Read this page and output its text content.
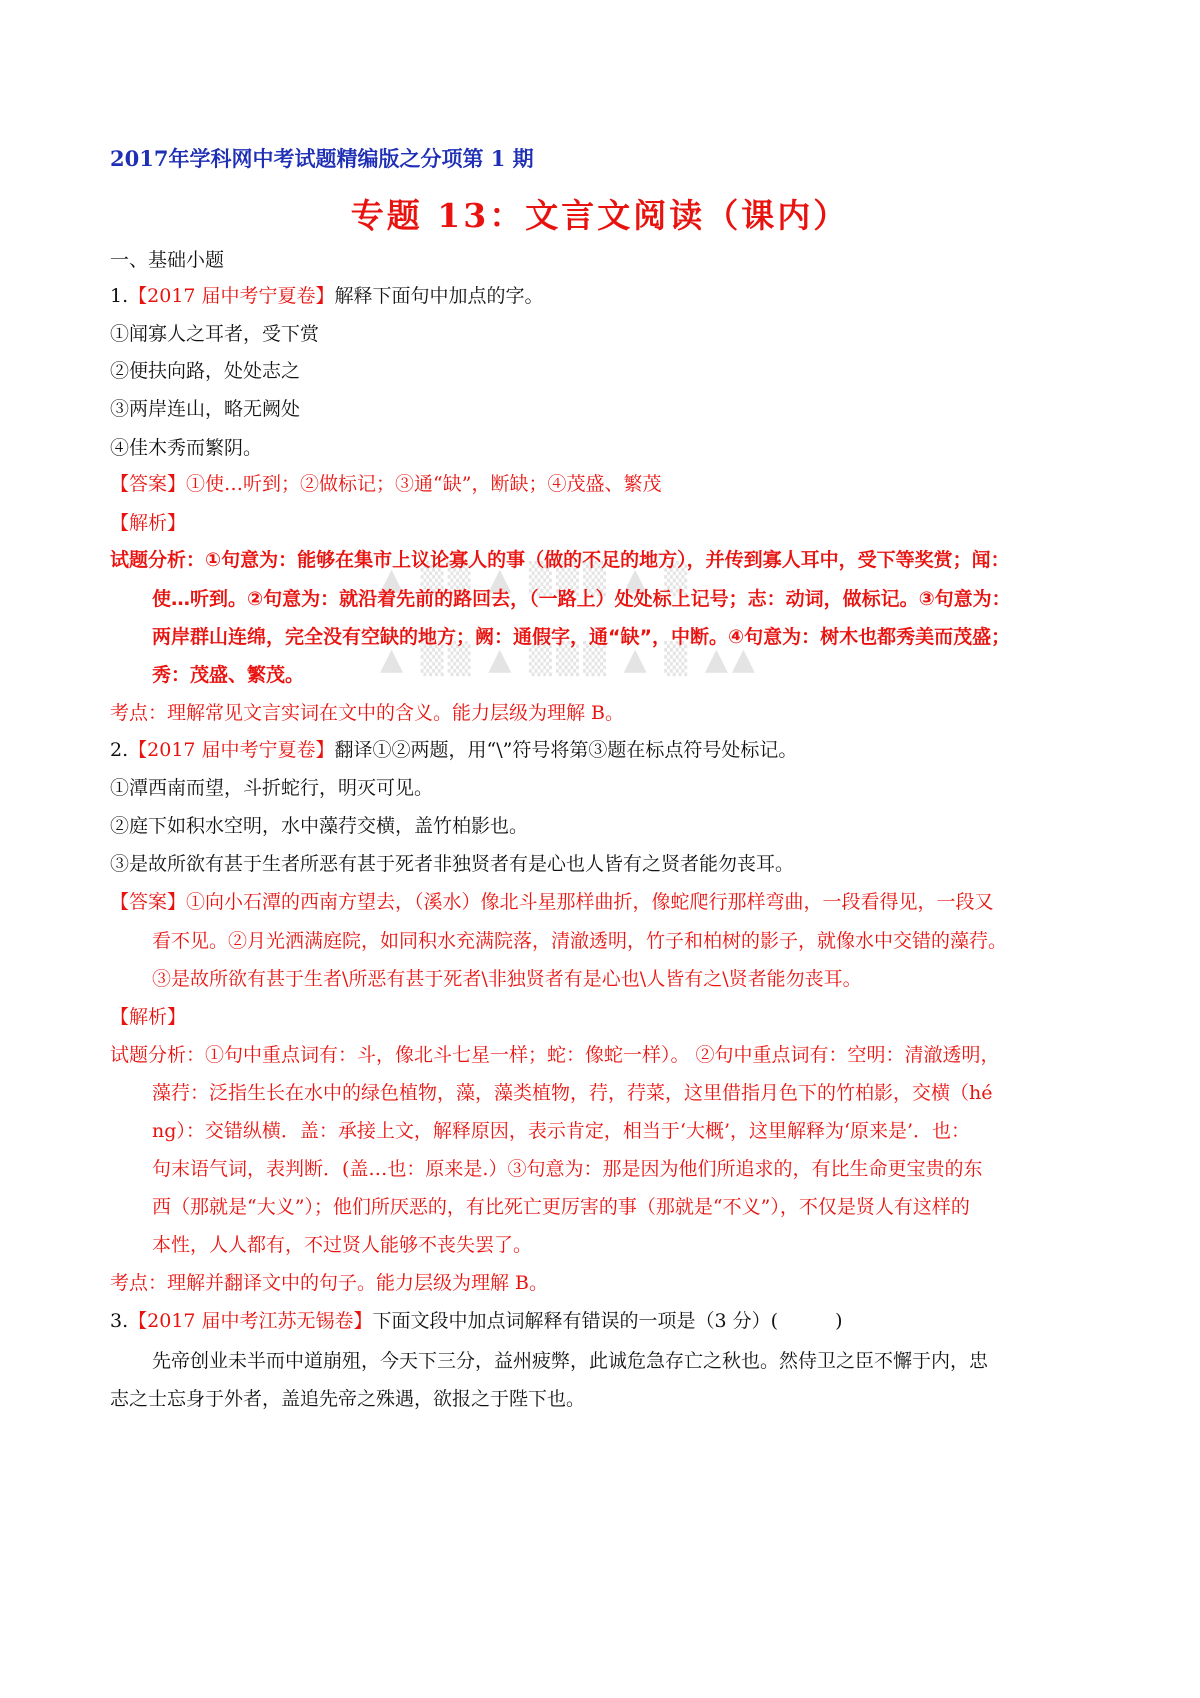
2017年学科网中考试题精编版之分项第 1 期
专题 13：文言文阅读（课内）
一、基础小题
1.【2017 届中考宁夏卷】解释下面句中加点的字。
①闻寡人之耳者，受下赏
②便扶向路，处处志之
③两岸连山，略无阙处
④佳木秀而繁阴。
【答案】①使…听到；②做标记；③通“缺”，断缺；④茂盛、繁茂
【解析】
▲ ▒▒ ▲ ▒▒▒ ▲ ▒
▲ ▒▒ ▲ ▒▒▒ ▲ ▒ ▲▲
试题分析：①句意为：能够在集市上议论寡人的事（做的不足的地方），并传到寡人耳中，受下等奖赏；闻：
使…听到。②句意为：就沿着先前的路回去，（一路上）处处标上记号；志：动词，做标记。③句意为：
两岸群山连绵，完全没有空缺的地方；阙：通假字，通“缺”，中断。④句意为：树木也都秀美而茂盛；
秀：茂盛、繁茂。
考点：理解常见文言实词在文中的含义。能力层级为理解 B。
2.【2017 届中考宁夏卷】翻译①②两题，用“\”符号将第③题在标点符号处标记。
①潭西南而望，斗折蛇行，明灭可见。
②庭下如积水空明，水中藻荇交横，盖竹柏影也。
③是故所欲有甚于生者所恶有甚于死者非独贤者有是心也人皆有之贤者能勿丧耳。
【答案】①向小石潭的西南方望去，（溪水）像北斗星那样曲折，像蛇爬行那样弯曲，一段看得见，一段又
看不见。②月光洒满庭院，如同积水充满院落，清澈透明，竹子和柏树的影子，就像水中交错的藻荇。
③是故所欲有甚于生者\所恶有甚于死者\非独贤者有是心也\人皆有之\贤者能勿丧耳。
【解析】
试题分析：①句中重点词有：斗，像北斗七星一样；蛇：像蛇一样）。 ②句中重点词有：空明：清澈透明，
藻荇：泛指生长在水中的绿色植物，藻，藻类植物，荇，荇菜，这里借指月色下的竹柏影，交横（hé
ng）：交错纵横．盖：承接上文，解释原因，表示肯定，相当于‘大概’，这里解释为‘原来是’．也：
句末语气词，表判断．(盖…也：原来是.）③句意为：那是因为他们所追求的，有比生命更宝贵的东
西（那就是“大义”）；他们所厌恶的，有比死亡更厉害的事（那就是“不义”），不仅是贤人有这样的
本性，人人都有，不过贤人能够不丧失罢了。
考点：理解并翻译文中的句子。能力层级为理解 B。
3.【2017 届中考江苏无锡卷】下面文段中加点词解释有错误的一项是（3 分）(　　　)
先帝创业未半而中道崩殂，今天下三分，益州疲弊，此诚危急存亡之秋也。然侍卫之臣不懈于内，忠
志之士忘身于外者，盖追先帝之殊遇，欲报之于陛下也。
